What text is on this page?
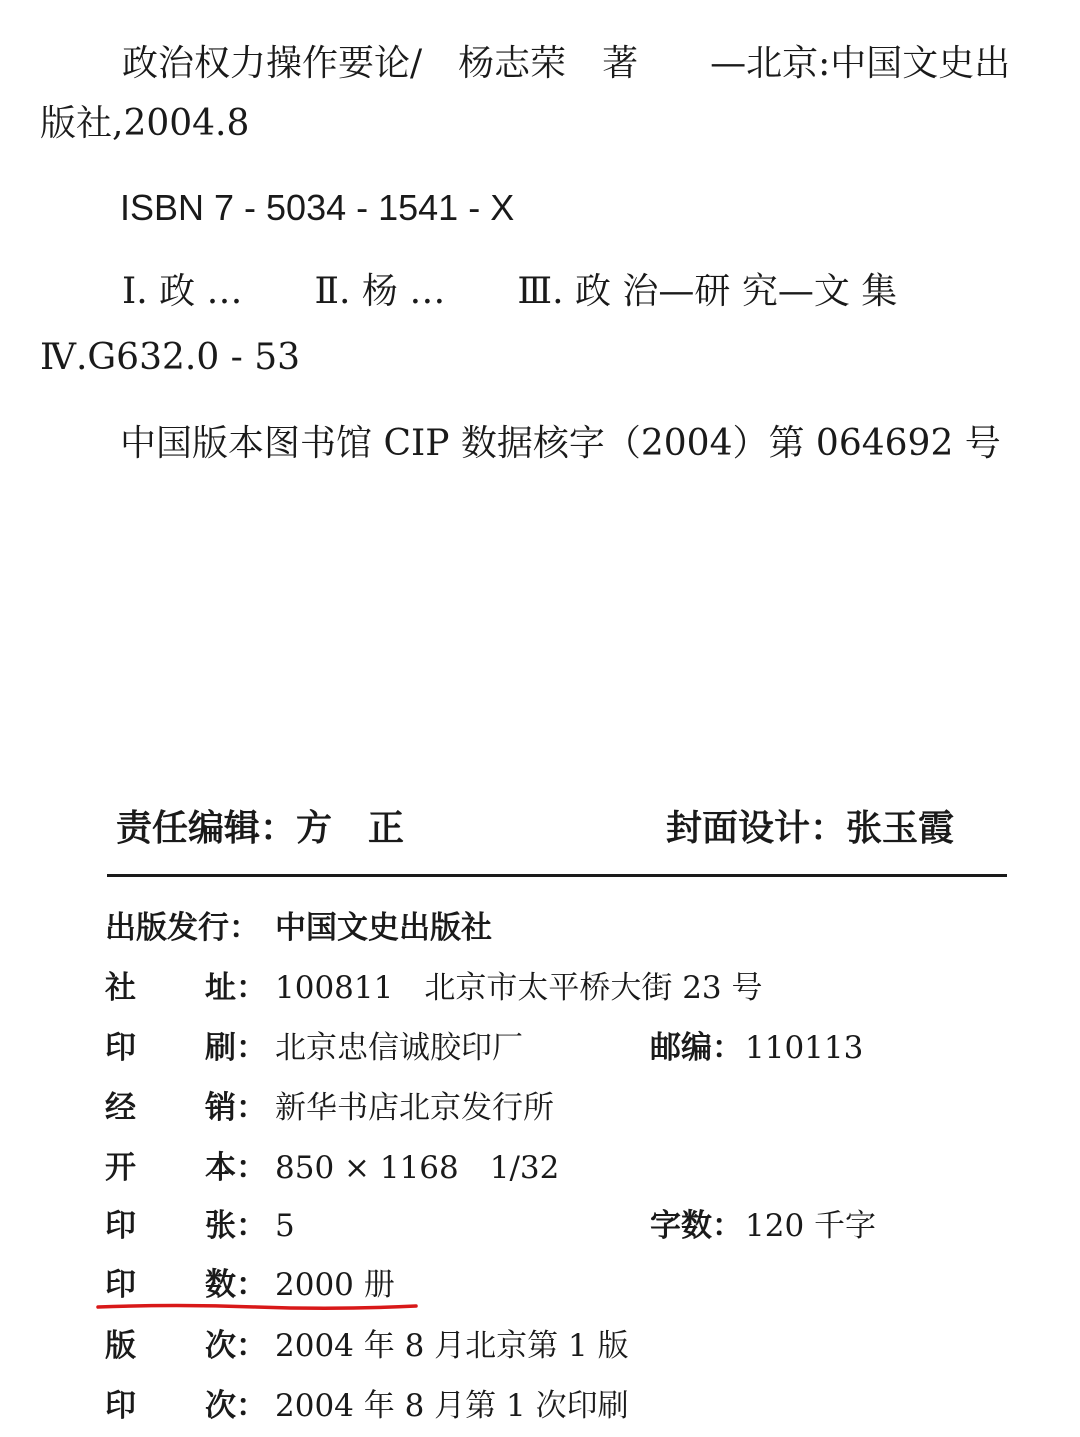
政治权力操作要论/　杨志荣　著　　—北京:中国文史出
版社,2004.8
ISBN 7 - 5034 - 1541 - X
Ⅰ. 政 …　　Ⅱ. 杨 …　　Ⅲ. 政 治—研 究—文 集
Ⅳ.G632.0 - 53
中国版本图书馆 CIP 数据核字（2004）第 064692 号
责任编辑：方　正	封面设计：张玉霞
出版发行： 中国文史出版社
社 址： 100811　北京市太平桥大街 23 号
印 刷： 北京忠信诚胶印厂	邮编： 110113
经 销： 新华书店北京发行所
开 本： 850 × 1168　1/32
印 张： 5	字数： 120 千字
印 数： 2000 册
版 次： 2004 年 8 月北京第 1 版
印 次： 2004 年 8 月第 1 次印刷
